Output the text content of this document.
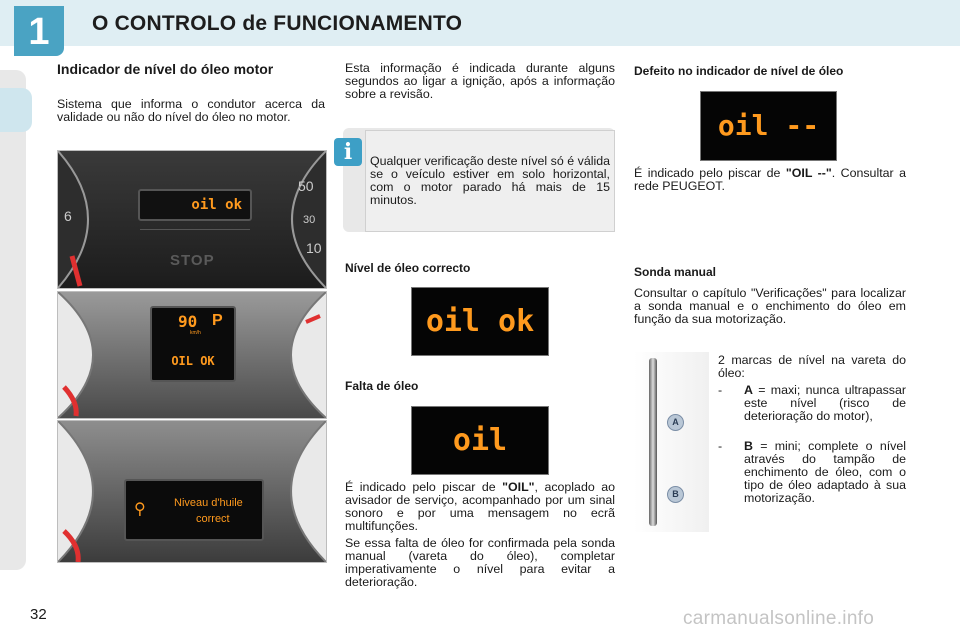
1	O CONTROLO de FUNCIONAMENTO
Indicador de nível do óleo motor

Sistema que informa o condutor acerca da validade ou não do nível do óleo no motor.

6
50
30
10
oil ok
STOP
90
km/h
P
OIL OK
⚲	Niveau d'huile
correct

Esta informação é indicada durante alguns segundos ao ligar a ignição, após a informação sobre a revisão.

i	Qualquer verificação deste nível só é válida se o veículo estiver em solo horizontal, com o motor parado há mais de 15 minutos.

Nível de óleo correcto
oil ok
Falta de óleo
oil

É indicado pelo piscar de "OIL", acoplado ao avisador de serviço, acompanhado por um sinal sonoro e por uma mensagem no ecrã multifunções.

Se essa falta de óleo for confirmada pela sonda manual (vareta do óleo), completar imperativamente o nível para evitar a deterioração.

Defeito no indicador de nível de óleo
oil --

É indicado pelo piscar de "OIL --". Consultar a rede PEUGEOT.

Sonda manual

Consultar o capítulo "Verificações" para localizar a sonda manual e o enchimento do óleo em função da sua motorização.

A
B

2 marcas de nível na vareta do óleo:

- A = maxi; nunca ultrapassar este nível (risco de deterioração do motor),
- B = mini; complete o nível através do tampão de enchimento de óleo, com o tipo de óleo adaptado à sua motorização.
32	carmanualsonline.info
